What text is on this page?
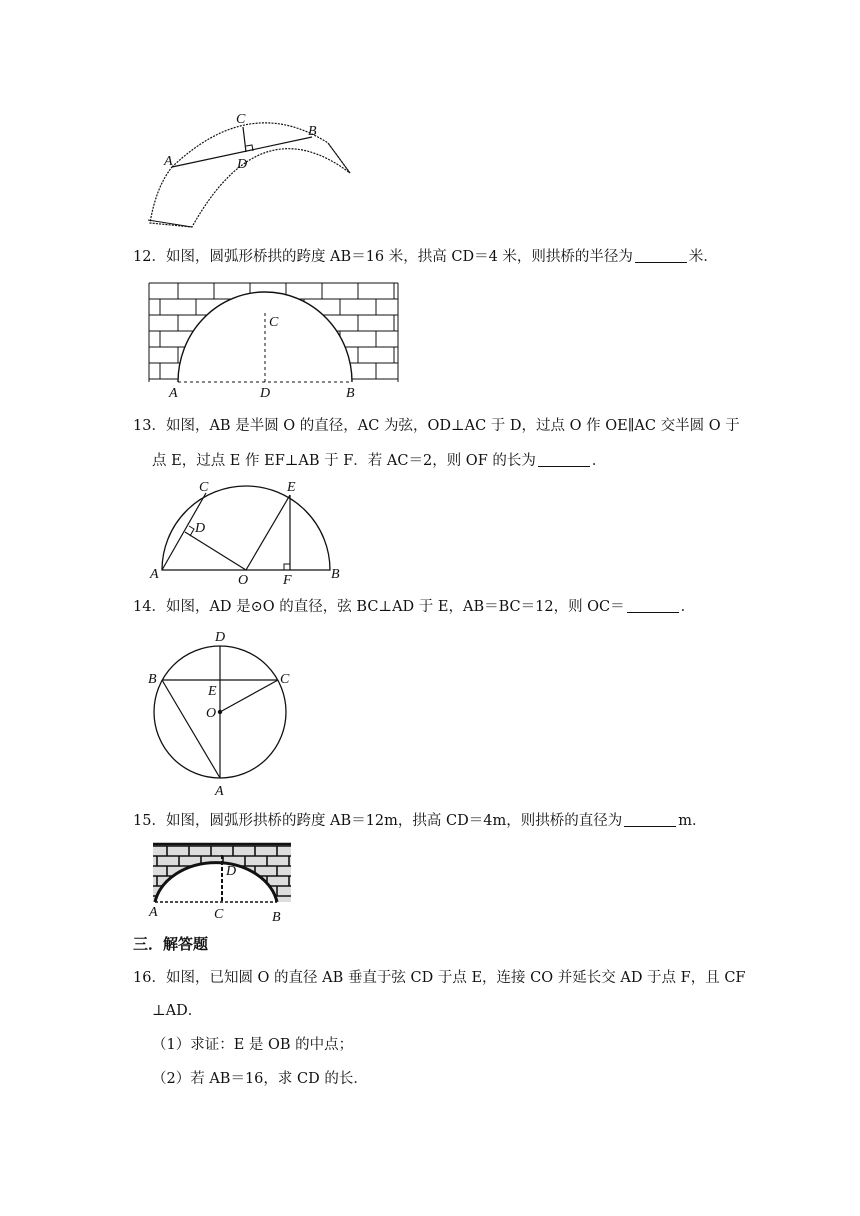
A
B
C
D
12．如图，圆弧形桥拱的跨度 AB＝16 米，拱高 CD＝4 米，则拱桥的半径为	米．
A	B
C
D
13．如图，AB 是半圆 O 的直径，AC 为弦，OD⊥AC 于 D，过点 O 作 OE∥AC 交半圆 O 于
点 E，过点 E 作 EF⊥AB 于 F．若 AC＝2，则 OF 的长为	．
A	B
C
D
E
F
O
14．如图，AD 是⊙O 的直径，弦 BC⊥AD 于 E，AB＝BC＝12，则 OC＝	．
D
B	C
E
O
A
15．如图，圆弧形拱桥的跨度 AB＝12m，拱高 CD＝4m，则拱桥的直径为	m．
A	B
C
D
三．解答题
16．如图，已知圆 O 的直径 AB 垂直于弦 CD 于点 E，连接 CO 并延长交 AD 于点 F，且 CF
⊥AD．
（1）求证：E 是 OB 的中点；
（2）若 AB＝16，求 CD 的长．
